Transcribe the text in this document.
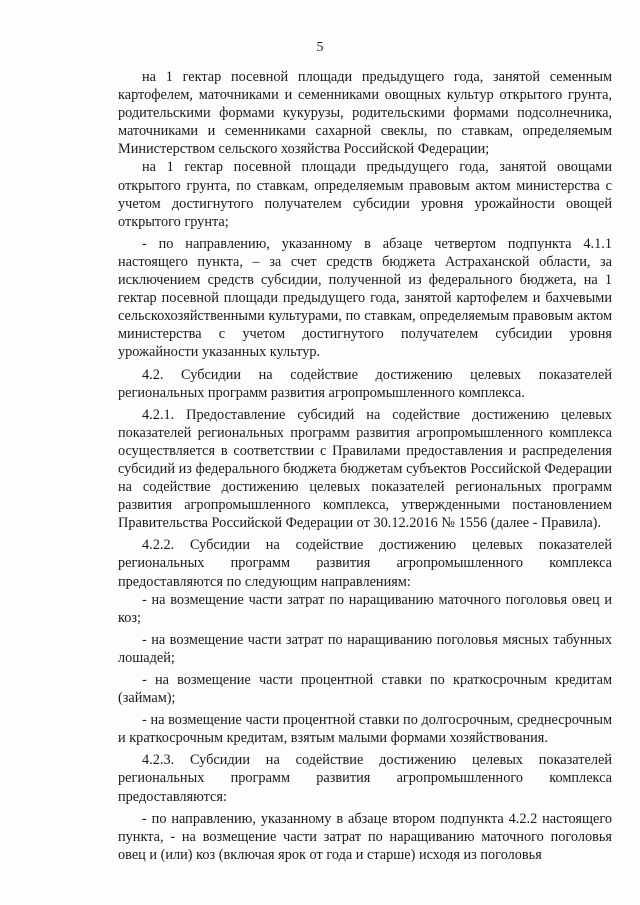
5

на 1 гектар посевной площади предыдущего года, занятой семенным картофелем, маточниками и семенниками овощных культур открытого грунта, родительскими формами кукурузы, родительскими формами подсолнечника, маточниками и семенниками сахарной свеклы, по ставкам, определяемым Министерством сельского хозяйства Российской Федерации;

на 1 гектар посевной площади предыдущего года, занятой овощами открытого грунта, по ставкам, определяемым правовым актом министерства с учетом достигнутого получателем субсидии уровня урожайности овощей открытого грунта;

- по направлению, указанному в абзаце четвертом подпункта 4.1.1 настоящего пункта, – за счет средств бюджета Астраханской области, за исключением средств субсидии, полученной из федерального бюджета, на 1 гектар посевной площади предыдущего года, занятой картофелем и бахчевыми сельскохозяйственными культурами, по ставкам, определяемым правовым актом министерства с учетом достигнутого получателем субсидии уровня урожайности указанных культур.

4.2. Субсидии на содействие достижению целевых показателей региональных программ развития агропромышленного комплекса.

4.2.1. Предоставление субсидий на содействие достижению целевых показателей региональных программ развития агропромышленного комплекса осуществляется в соответствии с Правилами предоставления и распределения субсидий из федерального бюджета бюджетам субъектов Российской Федерации на содействие достижению целевых показателей региональных программ развития агропромышленного комплекса, утвержденными постановлением Правительства Российской Федерации от 30.12.2016 № 1556 (далее - Правила).

4.2.2. Субсидии на содействие достижению целевых показателей региональных программ развития агропромышленного комплекса предоставляются по следующим направлениям:

- на возмещение части затрат по наращиванию маточного поголовья овец и коз;

- на возмещение части затрат по наращиванию поголовья мясных табунных лошадей;

- на возмещение части процентной ставки по краткосрочным кредитам (займам);

- на возмещение части процентной ставки по долгосрочным, среднесрочным и краткосрочным кредитам, взятым малыми формами хозяйствования.

4.2.3. Субсидии на содействие достижению целевых показателей региональных программ развития агропромышленного комплекса предоставляются:

- по направлению, указанному в абзаце втором подпункта 4.2.2 настоящего пункта, - на возмещение части затрат по наращиванию маточного поголовья овец и (или) коз (включая ярок от года и старше) исходя из поголовья
